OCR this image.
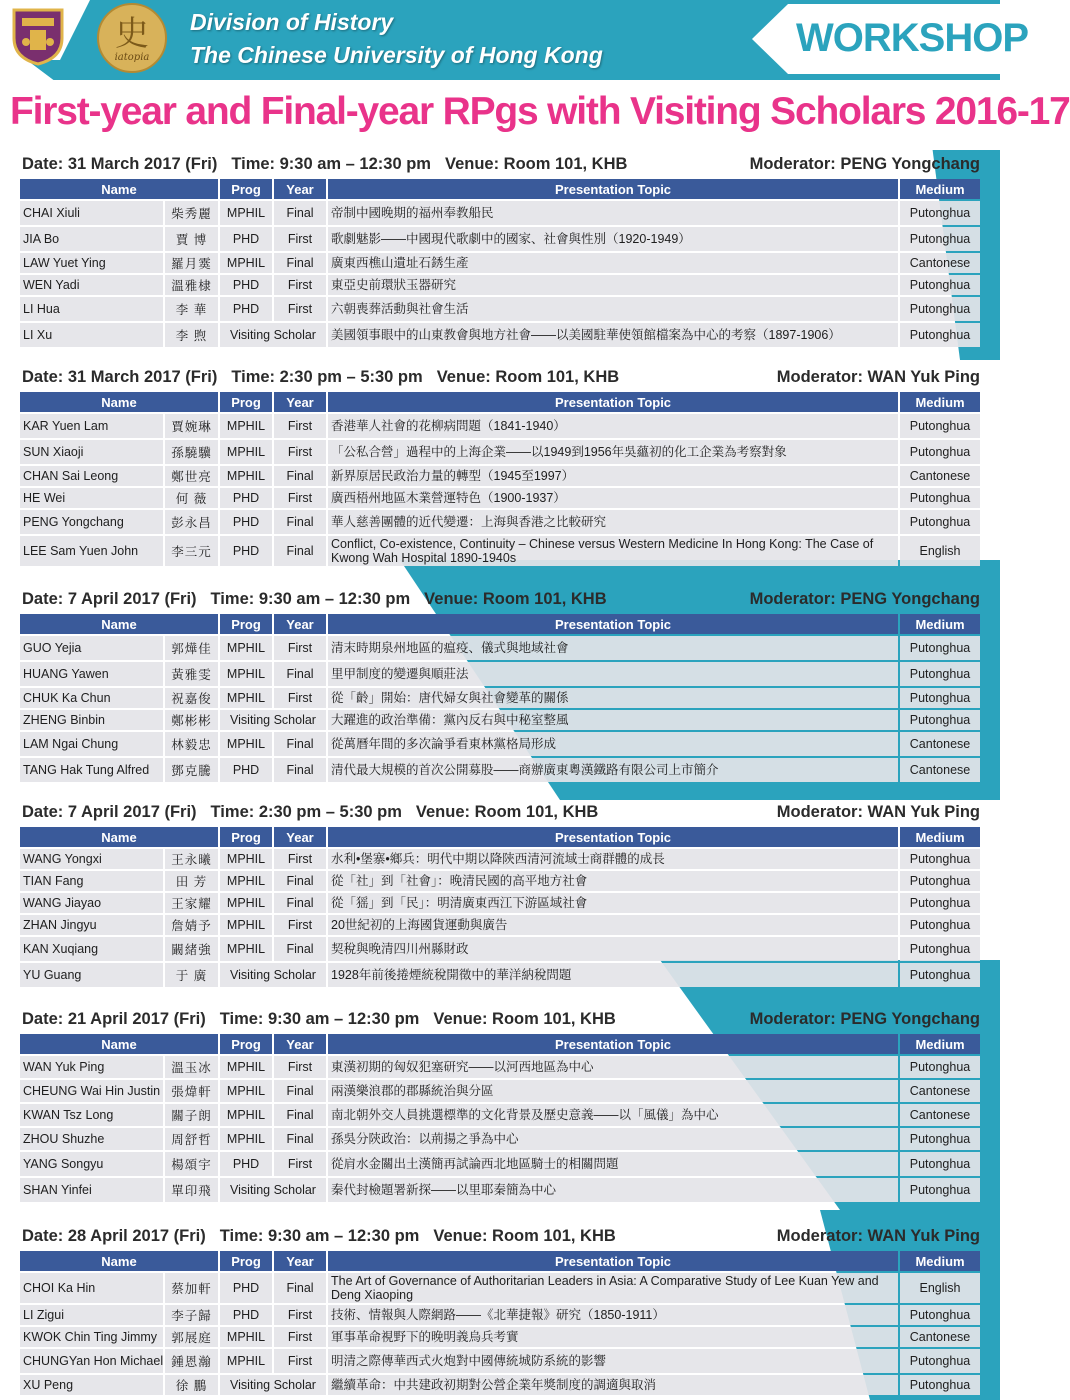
史
iatopia
Division of History
The Chinese University of Hong Kong	WORKSHOP
First-year and Final-year RPgs with Visiting Scholars 2016-17
Date: 31 March 2017 (Fri) Time: 9:30 am – 12:30 pm Venue: Room 101, KHB	Moderator: PENG Yongchang
Name		Prog	Year	Presentation Topic	Medium
CHAI Xiuli	柴秀麗	MPHIL	Final	帝制中國晚期的福州奉教船民	Putonghua
JIA Bo	賈 博	PHD	First	歌劇魅影——中國現代歌劇中的國家、社會與性別（1920-1949）	Putonghua
LAW Yuet Ying	羅月霙	MPHIL	Final	廣東西樵山遺址石銹生產	Cantonese
WEN Yadi	溫雅棣	PHD	First	東亞史前環狀玉器研究	Putonghua
LI Hua	李 華	PHD	First	六朝喪葬活動與社會生活	Putonghua
LI Xu	李 煦	Visiting Scholar		美國領事眼中的山東教會與地方社會——以美國駐華使領館檔案為中心的考察（1897-1906）	Putonghua
Date: 31 March 2017 (Fri) Time: 2:30 pm – 5:30 pm Venue: Room 101, KHB	Moderator: WAN Yuk Ping
Name		Prog	Year	Presentation Topic	Medium
KAR Yuen Lam	賈婉琳	MPHIL	First	香港華人社會的花柳病問題（1841-1940）	Putonghua
SUN Xiaoji	孫驍驥	MPHIL	First	「公私合營」過程中的上海企業——以1949到1956年吳蘊初的化工企業為考察對象	Putonghua
CHAN Sai Leong	鄭世亮	MPHIL	Final	新界原居民政治力量的轉型（1945至1997）	Cantonese
HE Wei	何 薇	PHD	First	廣西梧州地區木業營運特色（1900-1937）	Putonghua
PENG Yongchang	彭永昌	PHD	Final	華人慈善團體的近代變遷：上海與香港之比較研究	Putonghua
LEE Sam Yuen John	李三元	PHD	Final	Conflict, Co-existence, Continuity – Chinese versus Western Medicine In Hong Kong: The Case of Kwong Wah Hospital 1890-1940s	English
Date: 7 April 2017 (Fri) Time: 9:30 am – 12:30 pm Venue: Room 101, KHB	Moderator: PENG Yongchang
Name		Prog	Year	Presentation Topic	Medium
GUO Yejia	郭燁佳	MPHIL	First	清末時期泉州地區的瘟疫、儀式與地域社會	Putonghua
HUANG Yawen	黃雅雯	MPHIL	Final	里甲制度的變遷與順莊法	Putonghua
CHUK Ka Chun	祝嘉俊	MPHIL	First	從「齡」開始：唐代婦女與社會變革的關係	Putonghua
ZHENG Binbin	鄭彬彬	Visiting Scholar		大躍進的政治準備：黨內反右與中秘室整風	Putonghua
LAM Ngai Chung	林毅忠	MPHIL	Final	從萬曆年間的多次論爭看東林黨格局形成	Cantonese
TANG Hak Tung Alfred	鄧克騰	PHD	Final	清代最大規模的首次公開募股——商辦廣東粵漢鐵路有限公司上市簡介	Cantonese
Date: 7 April 2017 (Fri) Time: 2:30 pm – 5:30 pm Venue: Room 101, KHB	Moderator: WAN Yuk Ping
Name		Prog	Year	Presentation Topic	Medium
WANG Yongxi	王永曦	MPHIL	First	水利•堡寨•鄉兵：明代中期以降陝西清河流域士商群體的成長	Putonghua
TIAN Fang	田 芳	MPHIL	Final	從「社」到「社會」：晚清民國的高平地方社會	Putonghua
WANG Jiayao	王家耀	MPHIL	Final	從「猺」到「民」：明清廣東西江下游區域社會	Putonghua
ZHAN Jingyu	詹婧予	MPHIL	First	20世紀初的上海國貨運動與廣告	Putonghua
KAN Xuqiang	闞緒強	MPHIL	Final	契稅與晚清四川州縣財政	Putonghua
YU Guang	于 廣	Visiting Scholar		1928年前後捲煙統稅開徵中的華洋納稅問題	Putonghua
Date: 21 April 2017 (Fri) Time: 9:30 am – 12:30 pm Venue: Room 101, KHB	Moderator: PENG Yongchang
Name		Prog	Year	Presentation Topic	Medium
WAN Yuk Ping	溫玉冰	MPHIL	First	東漢初期的匈奴犯塞研究——以河西地區為中心	Putonghua
CHEUNG Wai Hin Justin	張煒軒	MPHIL	Final	兩漢樂浪郡的郡縣統治與分區	Cantonese
KWAN Tsz Long	關子朗	MPHIL	Final	南北朝外交人員挑選標準的文化背景及歷史意義——以「風儀」為中心	Cantonese
ZHOU Shuzhe	周舒哲	MPHIL	Final	孫吳分陝政治：以荊揚之爭為中心	Putonghua
YANG Songyu	楊頌宇	PHD	First	從肩水金關出土漢簡再試論西北地區騎士的相關問題	Putonghua
SHAN Yinfei	單印飛	Visiting Scholar		秦代封檢題署新探——以里耶秦簡為中心	Putonghua
Date: 28 April 2017 (Fri) Time: 9:30 am – 12:30 pm Venue: Room 101, KHB	Moderator: WAN Yuk Ping
Name		Prog	Year	Presentation Topic	Medium
CHOI Ka Hin	蔡加軒	PHD	Final	The Art of Governance of Authoritarian Leaders in Asia: A Comparative Study of Lee Kuan Yew and Deng Xiaoping	English
LI Zigui	李子歸	PHD	First	技術、情報與人際網路——《北華捷報》研究（1850-1911）	Putonghua
KWOK Chin Ting Jimmy	郭展庭	MPHIL	First	軍事革命視野下的晚明義烏兵考實	Cantonese
CHUNGYan Hon Michael	鍾恩瀚	MPHIL	First	明清之際傳華西式火炮對中國傳統城防系統的影響	Putonghua
XU Peng	徐 鵬	Visiting Scholar		繼續革命：中共建政初期對公營企業年獎制度的調適與取消	Putonghua
